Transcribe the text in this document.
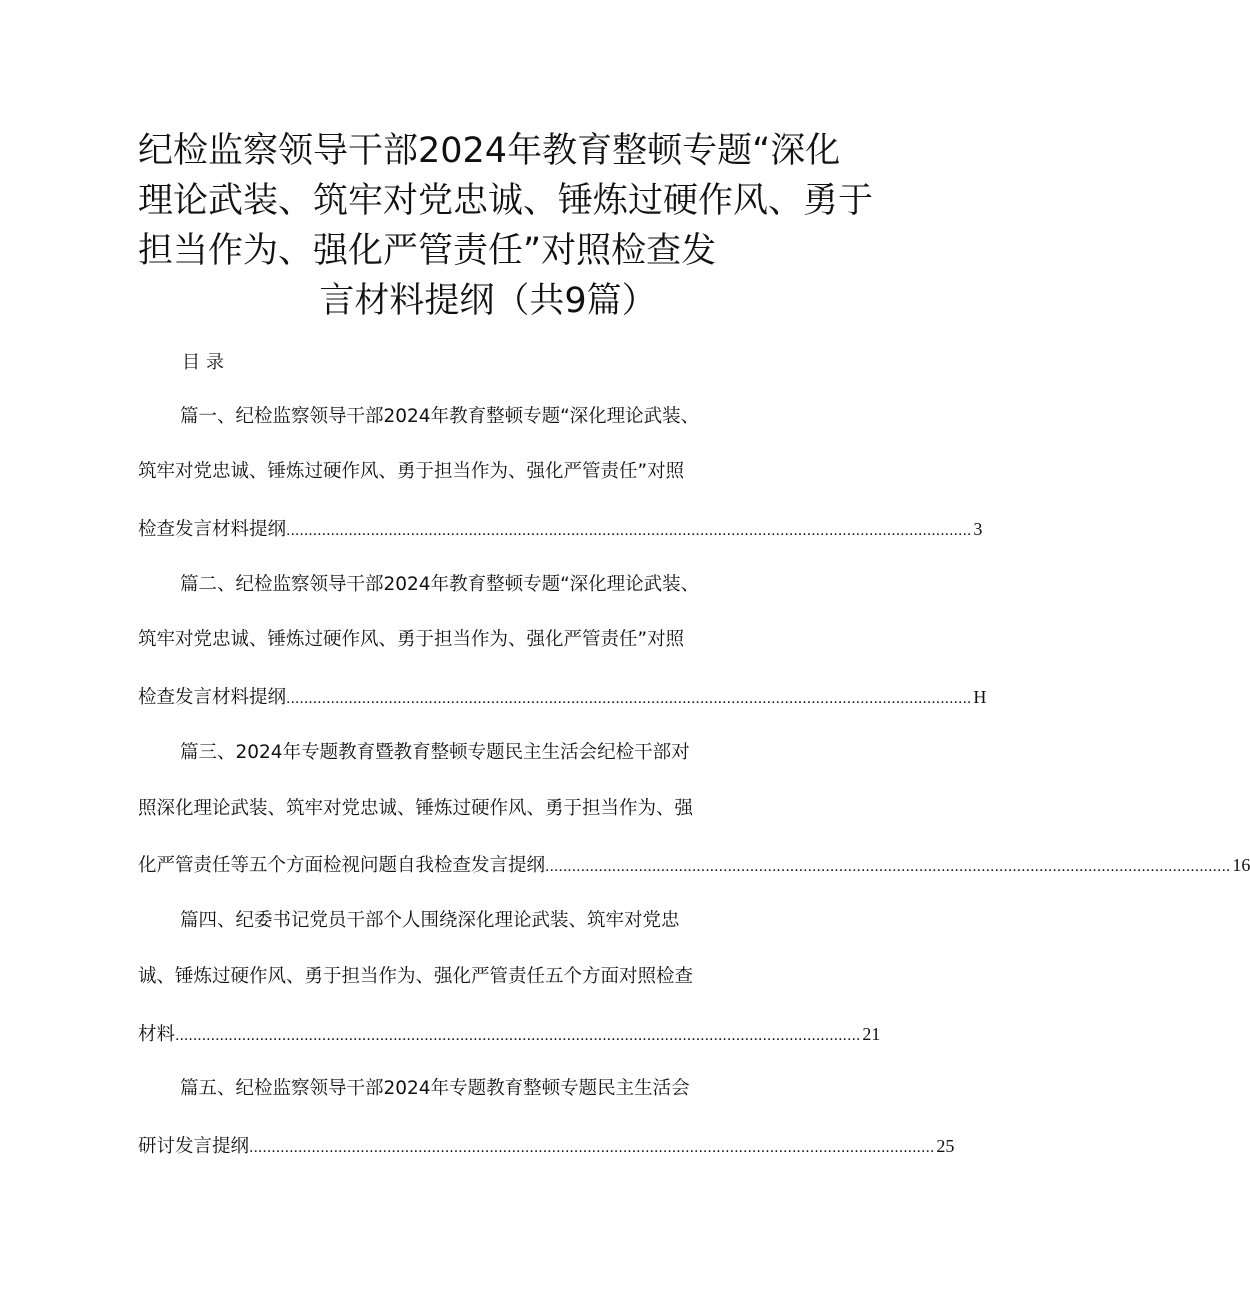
纪检监察领导干部2024年教育整顿专题“深化
理论武装、筑牢对党忠诚、锤炼过硬作风、勇于
担当作为、强化严管责任”对照检查发
言材料提纲（共9篇）
目录
篇一、纪检监察领导干部2024年教育整顿专题“深化理论武装、
筑牢对党忠诚、锤炼过硬作风、勇于担当作为、强化严管责任”对照
检查发言材料提纲 .......................................................................................................................................................... 3
篇二、纪检监察领导干部2024年教育整顿专题“深化理论武装、
筑牢对党忠诚、锤炼过硬作风、勇于担当作为、强化严管责任”对照
检查发言材料提纲 .......................................................................................................................................................... H
篇三、2024年专题教育暨教育整顿专题民主生活会纪检干部对
照深化理论武装、筑牢对党忠诚、锤炼过硬作风、勇于担当作为、强
化严管责任等五个方面检视问题自我检查发言提纲 .......................................................................................................................................................... 16
篇四、纪委书记党员干部个人围绕深化理论武装、筑牢对党忠
诚、锤炼过硬作风、勇于担当作为、强化严管责任五个方面对照检查
材料 .......................................................................................................................................................... 21
篇五、纪检监察领导干部2024年专题教育整顿专题民主生活会
研讨发言提纲 .......................................................................................................................................................... 25
